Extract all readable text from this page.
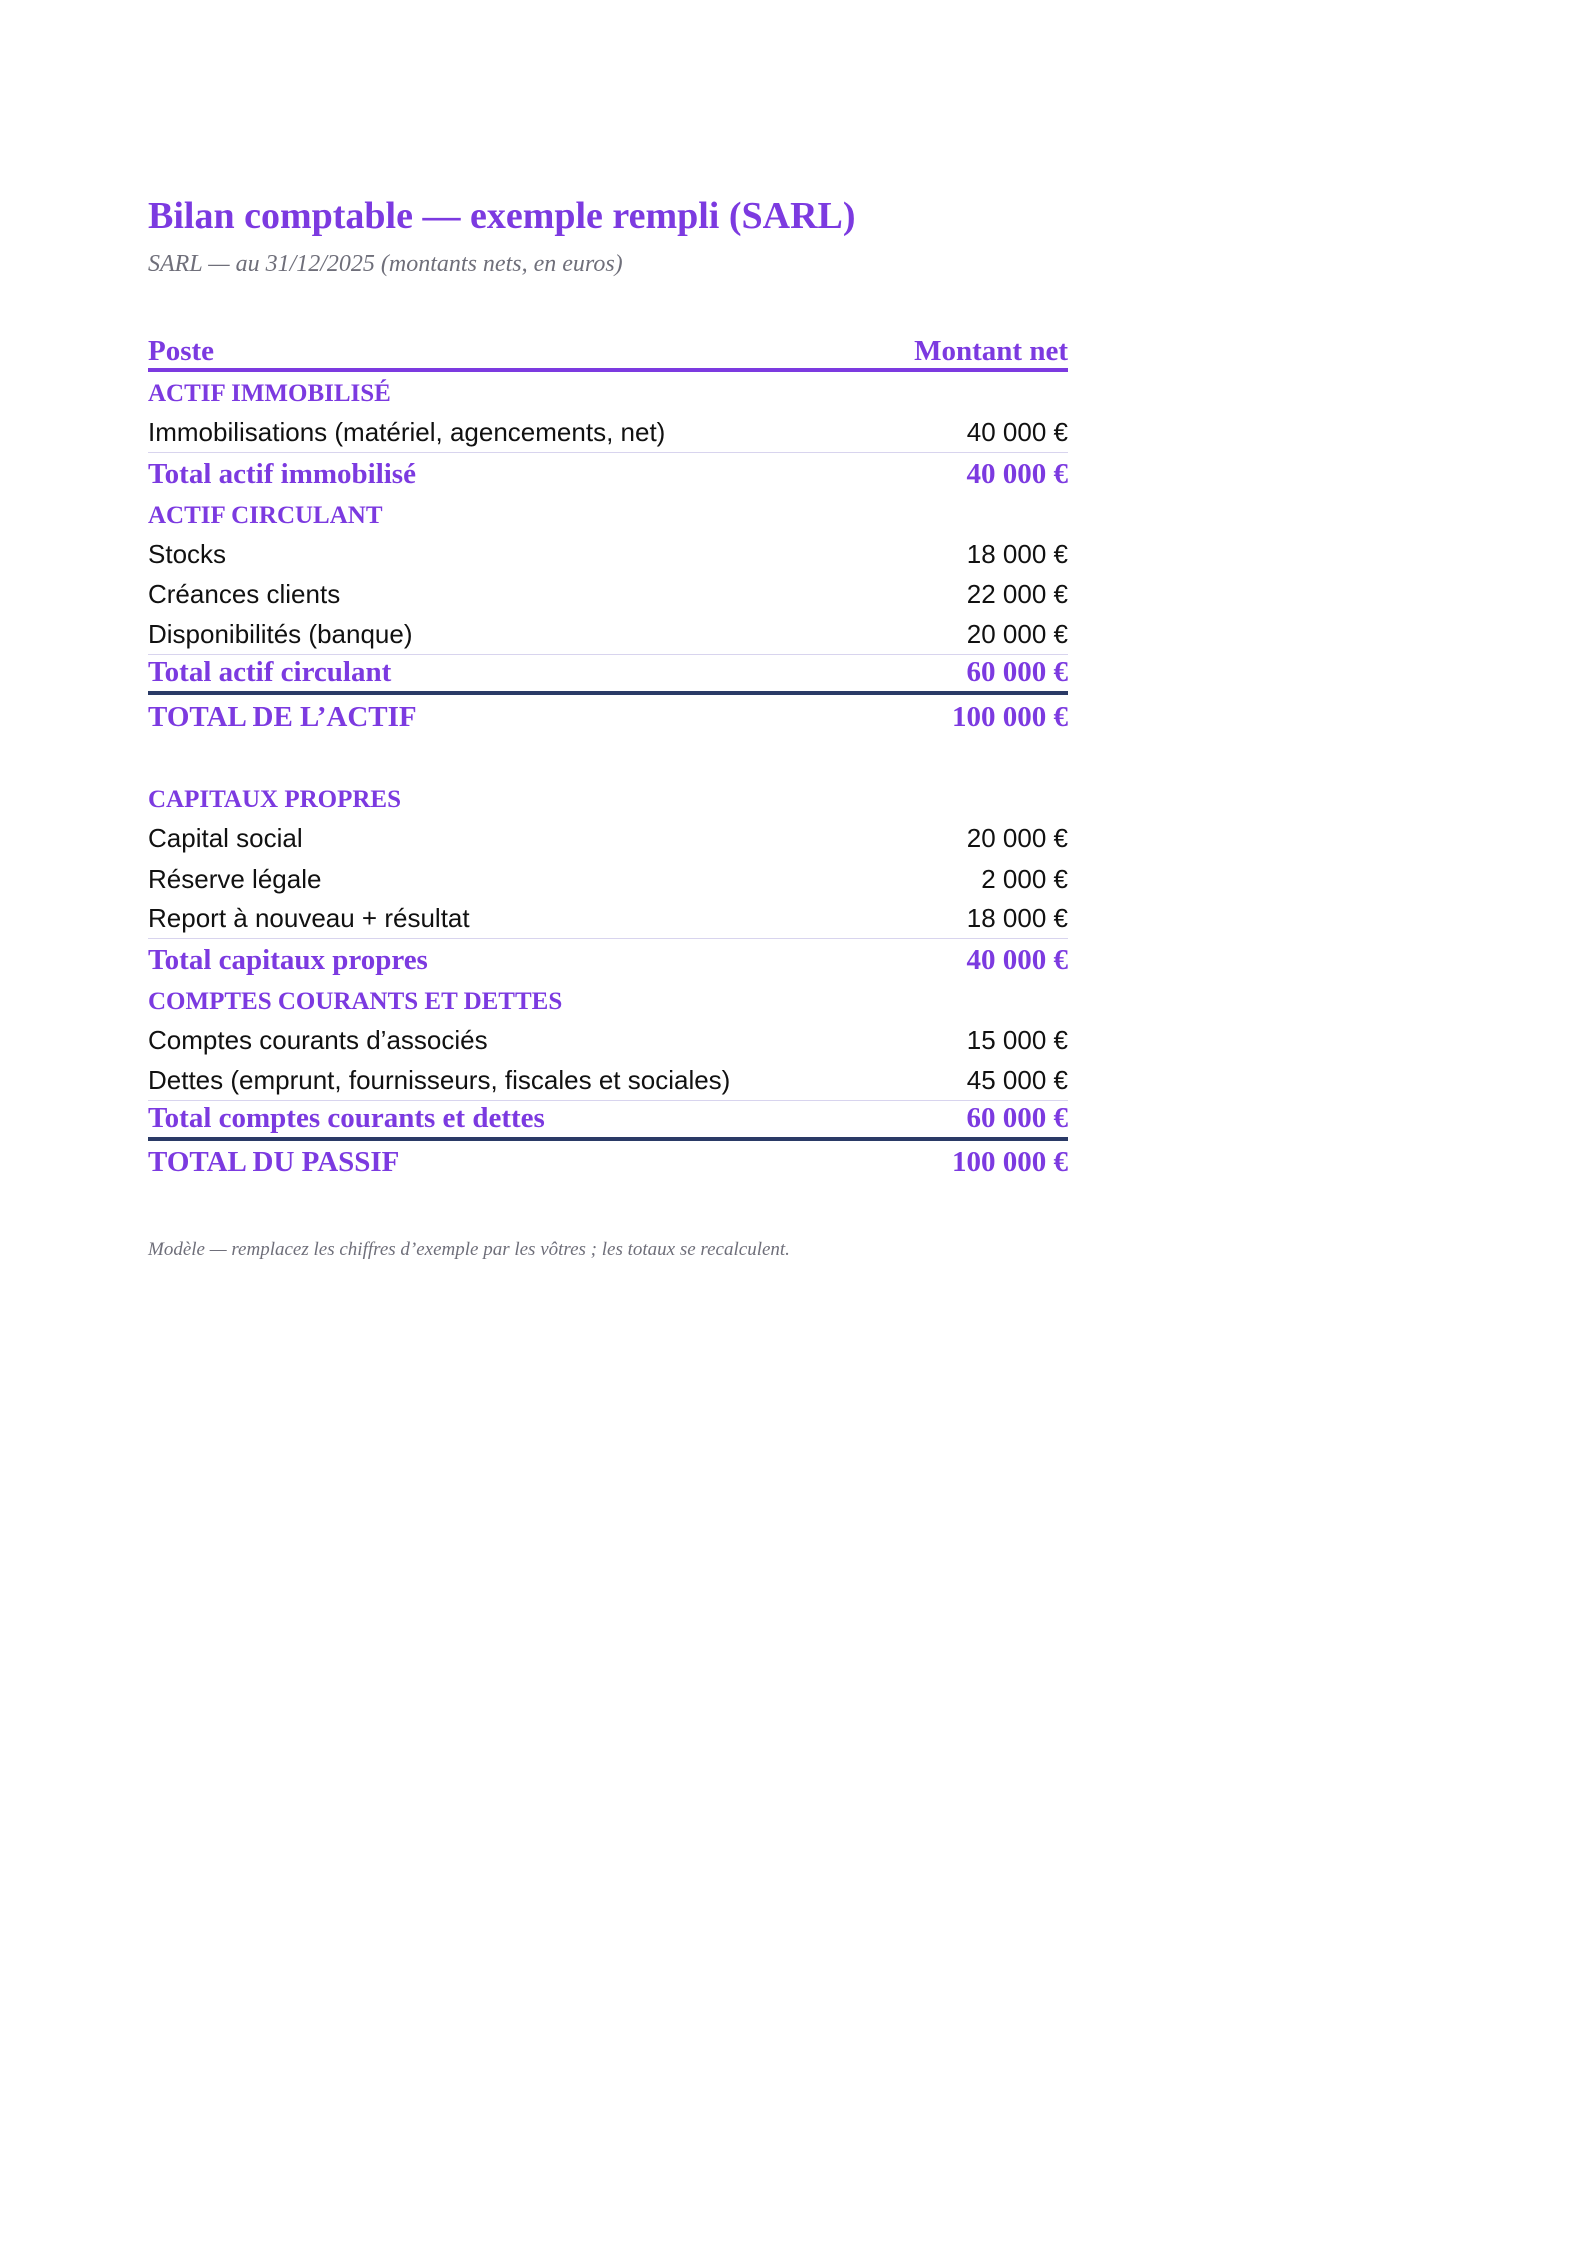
Bilan comptable — exemple rempli (SARL)
SARL — au 31/12/2025 (montants nets, en euros)
Poste	Montant net
ACTIF IMMOBILISÉ
Immobilisations (matériel, agencements, net)	40 000 €
Total actif immobilisé	40 000 €
ACTIF CIRCULANT
Stocks	18 000 €
Créances clients	22 000 €
Disponibilités (banque)	20 000 €
Total actif circulant	60 000 €
TOTAL DE L’ACTIF	100 000 €
CAPITAUX PROPRES
Capital social	20 000 €
Réserve légale	2 000 €
Report à nouveau + résultat	18 000 €
Total capitaux propres	40 000 €
COMPTES COURANTS ET DETTES
Comptes courants d’associés	15 000 €
Dettes (emprunt, fournisseurs, fiscales et sociales)	45 000 €
Total comptes courants et dettes	60 000 €
TOTAL DU PASSIF	100 000 €
Modèle — remplacez les chiffres d’exemple par les vôtres ; les totaux se recalculent.
